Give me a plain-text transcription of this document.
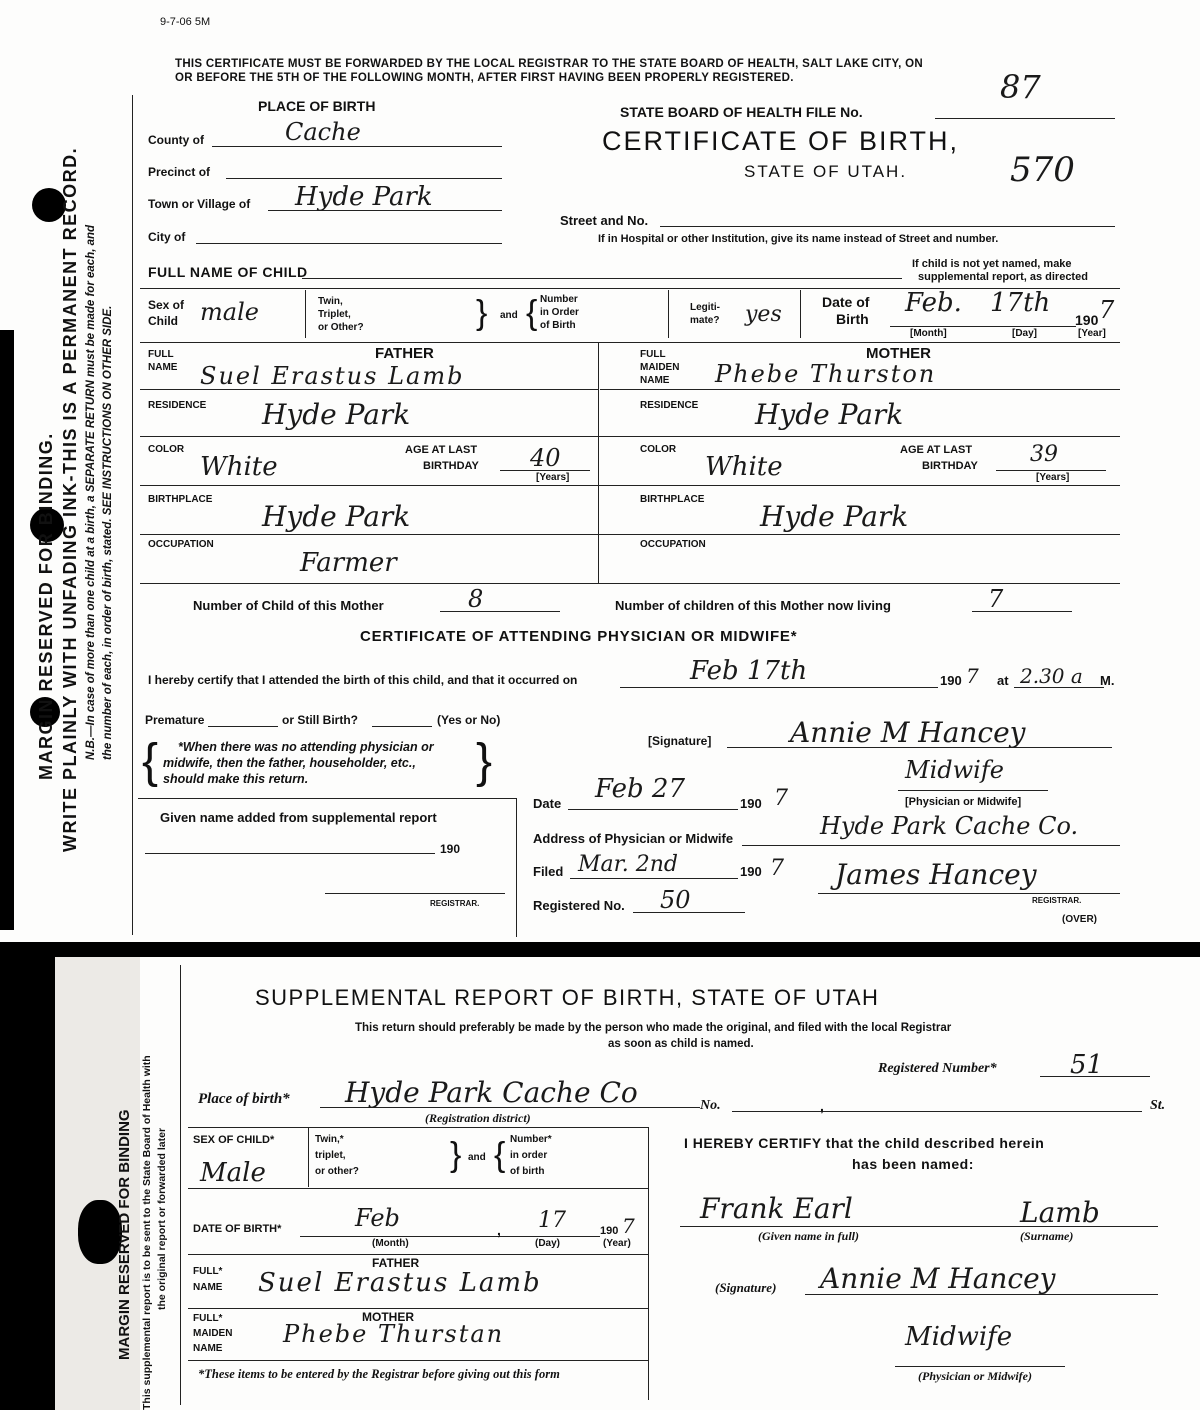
9-7-06 5M
THIS CERTIFICATE MUST BE FORWARDED BY THE LOCAL REGISTRAR TO THE STATE BOARD OF HEALTH, SALT LAKE CITY, ON
OR BEFORE THE 5TH OF THE FOLLOWING MONTH, AFTER FIRST HAVING BEEN PROPERLY REGISTERED.	87
WRITE PLAINLY WITH UNFADING INK-THIS IS A PERMANENT RECORD.
MARGIN RESERVED FOR BINDING.	N.B.—In case of more than one child at a birth, a SEPARATE RETURN must be made for each, and the number of each, in order of birth, stated. SEE INSTRUCTIONS ON OTHER SIDE.
PLACE OF BIRTH
County of	Cache
Precinct of
Town or Village of Hyde Park
City of
STATE BOARD OF HEALTH FILE No.
CERTIFICATE OF BIRTH,
STATE OF UTAH.	570
Street and No.
If in Hospital or other Institution, give its name instead of Street and number.
FULL NAME OF CHILD	If child is not yet named, make
supplemental report, as directed
Sex of
Child male	Twin,
Triplet,
or Other?	} and { Number
in Order
of Birth
Legiti-
mate? yes	Date of
Birth
Feb. 17th
190 7
[Month]	[Day]	[Year]
FATHER	MOTHER
FULL
NAME Suel Erastus Lamb
FULL
MAIDEN
NAME Phebe Thurston
RESIDENCE Hyde Park	RESIDENCE Hyde Park
COLOR
White
AGE AT LAST
BIRTHDAY 40
[Years]
COLOR
White
AGE AT LAST
BIRTHDAY 39
[Years]
BIRTHPLACE
Hyde Park
BIRTHPLACE
Hyde Park
OCCUPATION
Farmer
OCCUPATION
Number of Child of this Mother	8	Number of children of this Mother now living	7
CERTIFICATE OF ATTENDING PHYSICIAN OR MIDWIFE*
I hereby certify that I attended the birth of this child, and that it occurred on	Feb 17th	190 7 at 2.30 a M.
Premature	or Still Birth?	(Yes or No)
{ *When there was no attending physician or
midwife, then the father, householder, etc.,
should make this return.	}	[Signature]	Annie M Hancey
Midwife
[Physician or Midwife]
Given name added from supplemental report
190
REGISTRAR.
Date Feb 27	190 7
Address of Physician or Midwife	Hyde Park Cache Co.
Filed Mar. 2nd	190 7 James Hancey
REGISTRAR.
Registered No. 50
(OVER)
MARGIN RESERVED FOR BINDING This supplemental report is to be sent to the State Board of Health with the original report or forwarded later
SUPPLEMENTAL REPORT OF BIRTH, STATE OF UTAH
This return should preferably be made by the person who made the original, and filed with the local Registrar
as soon as child is named.
Registered Number*	51
Place of birth* Hyde Park Cache Co	No.	,	St.
(Registration district)
SEX OF CHILD*
Male
Twin,*
triplet,
or other?	} and { Number*
in order
of birth
DATE OF BIRTH*	Feb	, 17	190 7
(Month)	(Day)	(Year)
FATHER
FULL*
NAME Suel Erastus Lamb
MOTHER
FULL*
MAIDEN
NAME
Phebe Thurstan
*These items to be entered by the Registrar before giving out this form
I HEREBY CERTIFY that the child described herein
has been named:
Frank Earl	Lamb
(Given name in full)	(Surname)
(Signature) Annie M Hancey
Midwife
(Physician or Midwife)
